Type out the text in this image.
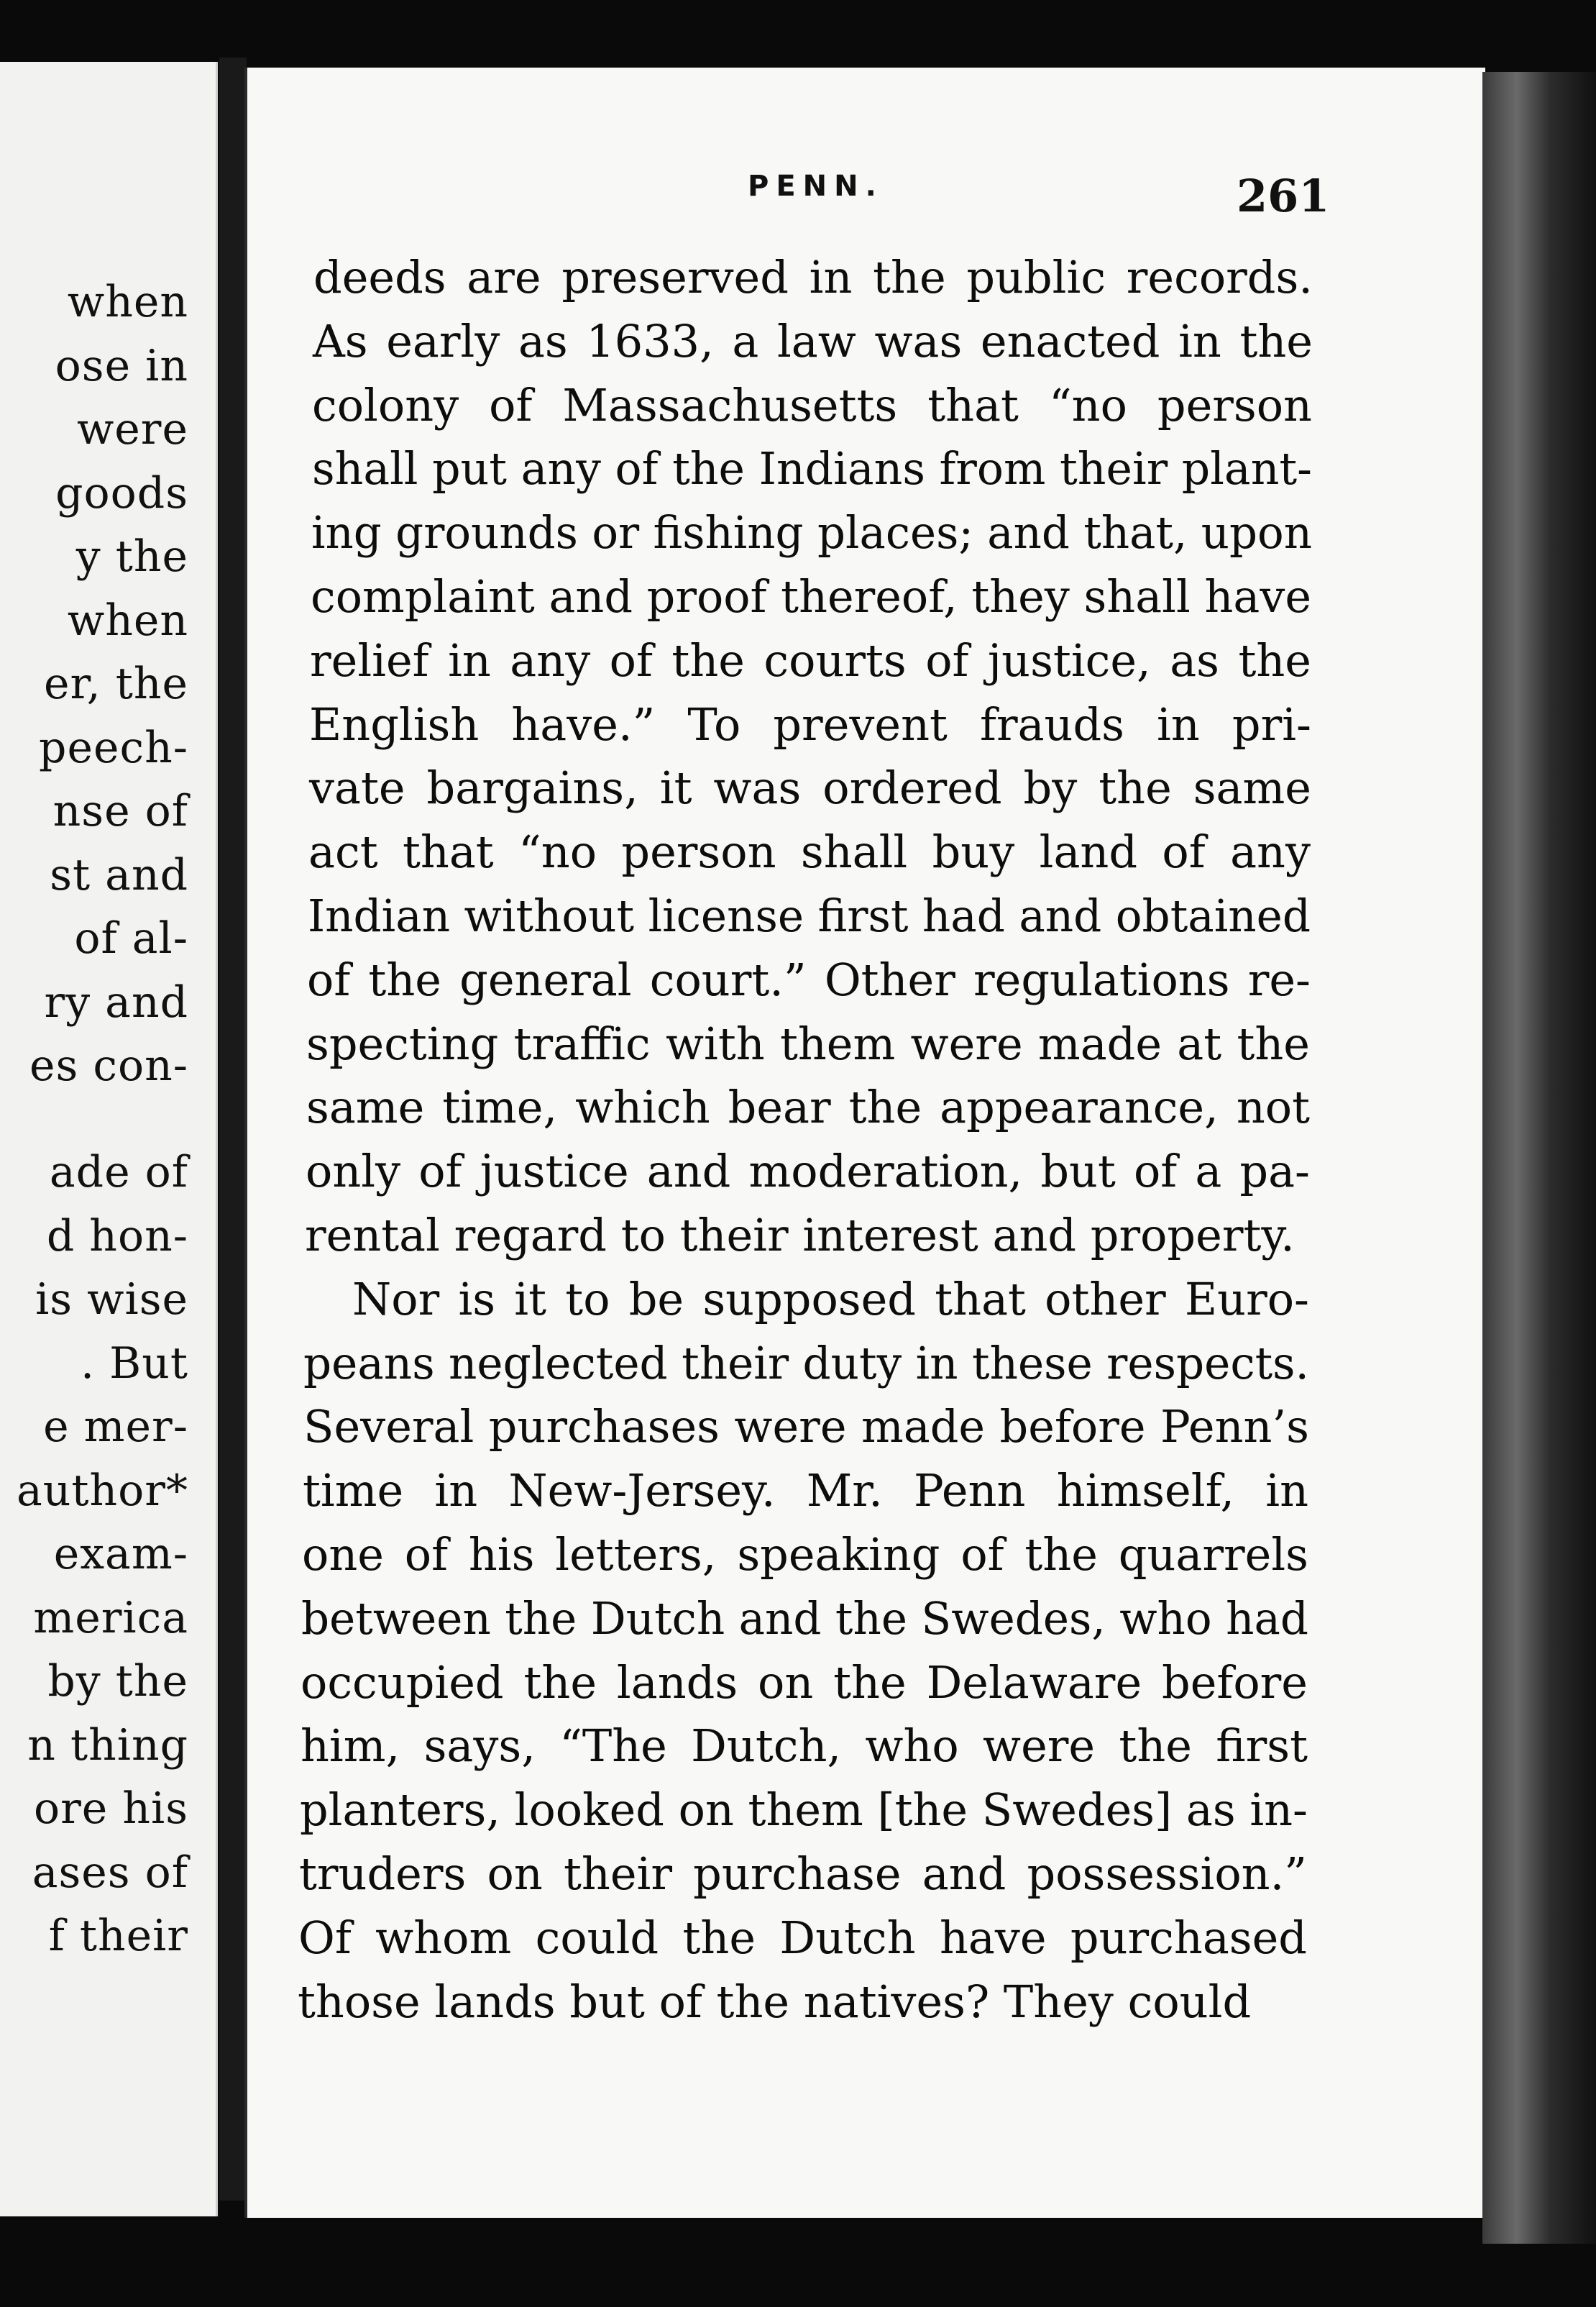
when
ose in
were
goods
y the
when
er, the
peech-
nse of
st and
of al-
ry and
es con-
ade of
d hon-
is wise
. But
e mer-
author*
exam-
merica
by the
n thing
ore his
ases of
f their
PENN.	261
deeds are preserved in the public records.
As early as 1633, a law was enacted in the
colony of Massachusetts that “no person
shall put any of the Indians from their plant-
ing grounds or fishing places; and that, upon
complaint and proof thereof, they shall have
relief in any of the courts of justice, as the
English have.” To prevent frauds in pri-
vate bargains, it was ordered by the same
act that “no person shall buy land of any
Indian without license first had and obtained
of the general court.” Other regulations re-
specting traffic with them were made at the
same time, which bear the appearance, not
only of justice and moderation, but of a pa-
rental regard to their interest and property.
Nor is it to be supposed that other Euro-
peans neglected their duty in these respects.
Several purchases were made before Penn’s
time in New-Jersey. Mr. Penn himself, in
one of his letters, speaking of the quarrels
between the Dutch and the Swedes, who had
occupied the lands on the Delaware before
him, says, “The Dutch, who were the first
planters, looked on them [the Swedes] as in-
truders on their purchase and possession.”
Of whom could the Dutch have purchased
those lands but of the natives? They could
